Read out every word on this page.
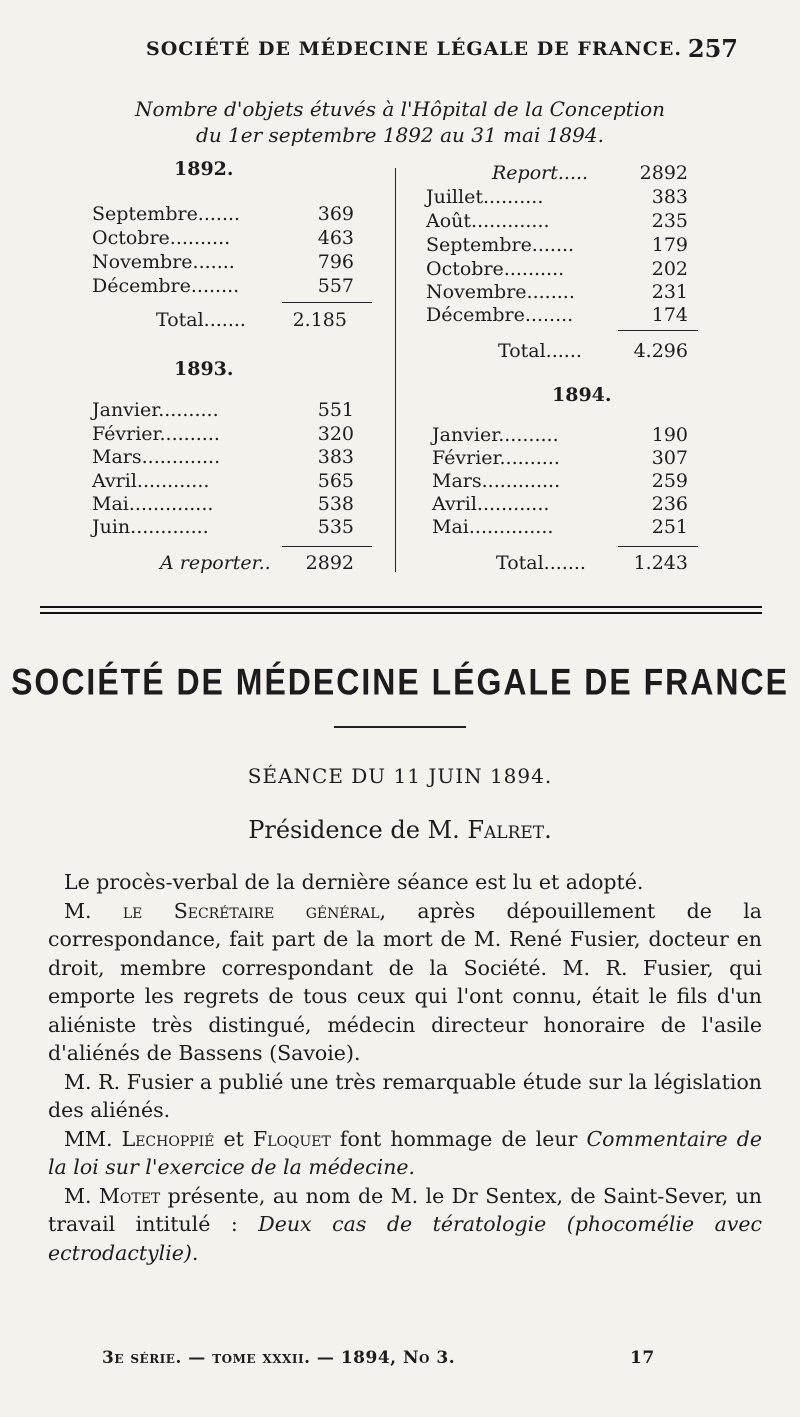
SOCIÉTÉ DE MÉDECINE LÉGALE DE FRANCE. 257
Nombre d'objets étuvés à l'Hôpital de la Conception
du 1er septembre 1892 au 31 mai 1894.
1892.
Septembre.......	369
Octobre..........	463
Novembre.......	796
Décembre........	557
Total.......	2.185
1893.
Janvier..........	551
Février..........	320
Mars.............	383
Avril............	565
Mai..............	538
Juin.............	535
A reporter..	2892
Report.....	2892
Juillet..........	383
Août.............	235
Septembre.......	179
Octobre..........	202
Novembre........	231
Décembre........	174
Total......	4.296
1894.
Janvier..........	190
Février..........	307
Mars.............	259
Avril............	236
Mai..............	251
Total.......	1.243
SOCIÉTÉ DE MÉDECINE LÉGALE DE FRANCE
SÉANCE DU 11 JUIN 1894.
Présidence de M. Falret.

Le procès-verbal de la dernière séance est lu et adopté.

M. le Secrétaire général, après dépouillement de la correspondance, fait part de la mort de M. René Fusier, docteur en droit, membre correspondant de la Société. M. R. Fusier, qui emporte les regrets de tous ceux qui l'ont connu, était le fils d'un aliéniste très distingué, médecin directeur honoraire de l'asile d'aliénés de Bassens (Savoie).

M. R. Fusier a publié une très remarquable étude sur la législation des aliénés.

MM. Lechoppié et Floquet font hommage de leur Commentaire de la loi sur l'exercice de la médecine.

M. Motet présente, au nom de M. le Dr Sentex, de Saint-Sever, un travail intitulé : Deux cas de tératologie (phocomélie avec ectrodactylie).

3e série. — tome xxxii. — 1894, No 3.	17
